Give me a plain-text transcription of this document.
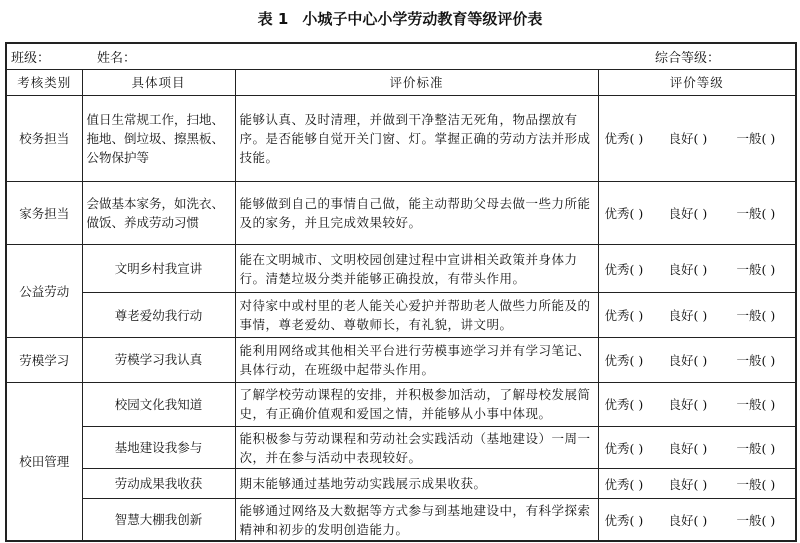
表 1 小城子中心小学劳动教育等级评价表
班级： 姓名： 综合等级：			

考核类别	具体项目	评价标准	评价等级
校务担当	值日生常规工作，扫地、拖地、倒垃圾、擦黑板、公物保护等	能够认真、及时清理，并做到干净整洁无死角，物品摆放有序。是否能够自觉开关门窗、灯。掌握正确的劳动方法并形成技能。	优秀( ) 良好( ) 一般( )

家务担当	会做基本家务，如洗衣、做饭、养成劳动习惯	能够做到自己的事情自己做，能主动帮助父母去做一些力所能及的家务，并且完成效果较好。	优秀( ) 良好( ) 一般( )

公益劳动	文明乡村我宣讲	能在文明城市、文明校园创建过程中宣讲相关政策并身体力行。清楚垃圾分类并能够正确投放，有带头作用。	优秀( ) 良好( ) 一般( )

	尊老爱幼我行动	对待家中或村里的老人能关心爱护并帮助老人做些力所能及的事情，尊老爱幼、尊敬师长，有礼貌，讲文明。	优秀( ) 良好( ) 一般( )

劳模学习	劳模学习我认真	能利用网络或其他相关平台进行劳模事迹学习并有学习笔记、具体行动，在班级中起带头作用。	优秀( ) 良好( ) 一般( )

校田管理	校园文化我知道	了解学校劳动课程的安排，并积极参加活动，了解母校发展简史，有正确价值观和爱国之情，并能够从小事中体现。	优秀( ) 良好( ) 一般( )

	基地建设我参与	能积极参与劳动课程和劳动社会实践活动（基地建设）一周一次，并在参与活动中表现较好。	优秀( ) 良好( ) 一般( )

	劳动成果我收获	期末能够通过基地劳动实践展示成果收获。	优秀( ) 良好( ) 一般( )

	智慧大棚我创新	能够通过网络及大数据等方式参与到基地建设中，有科学探索精神和初步的发明创造能力。	优秀( ) 良好( ) 一般( )
